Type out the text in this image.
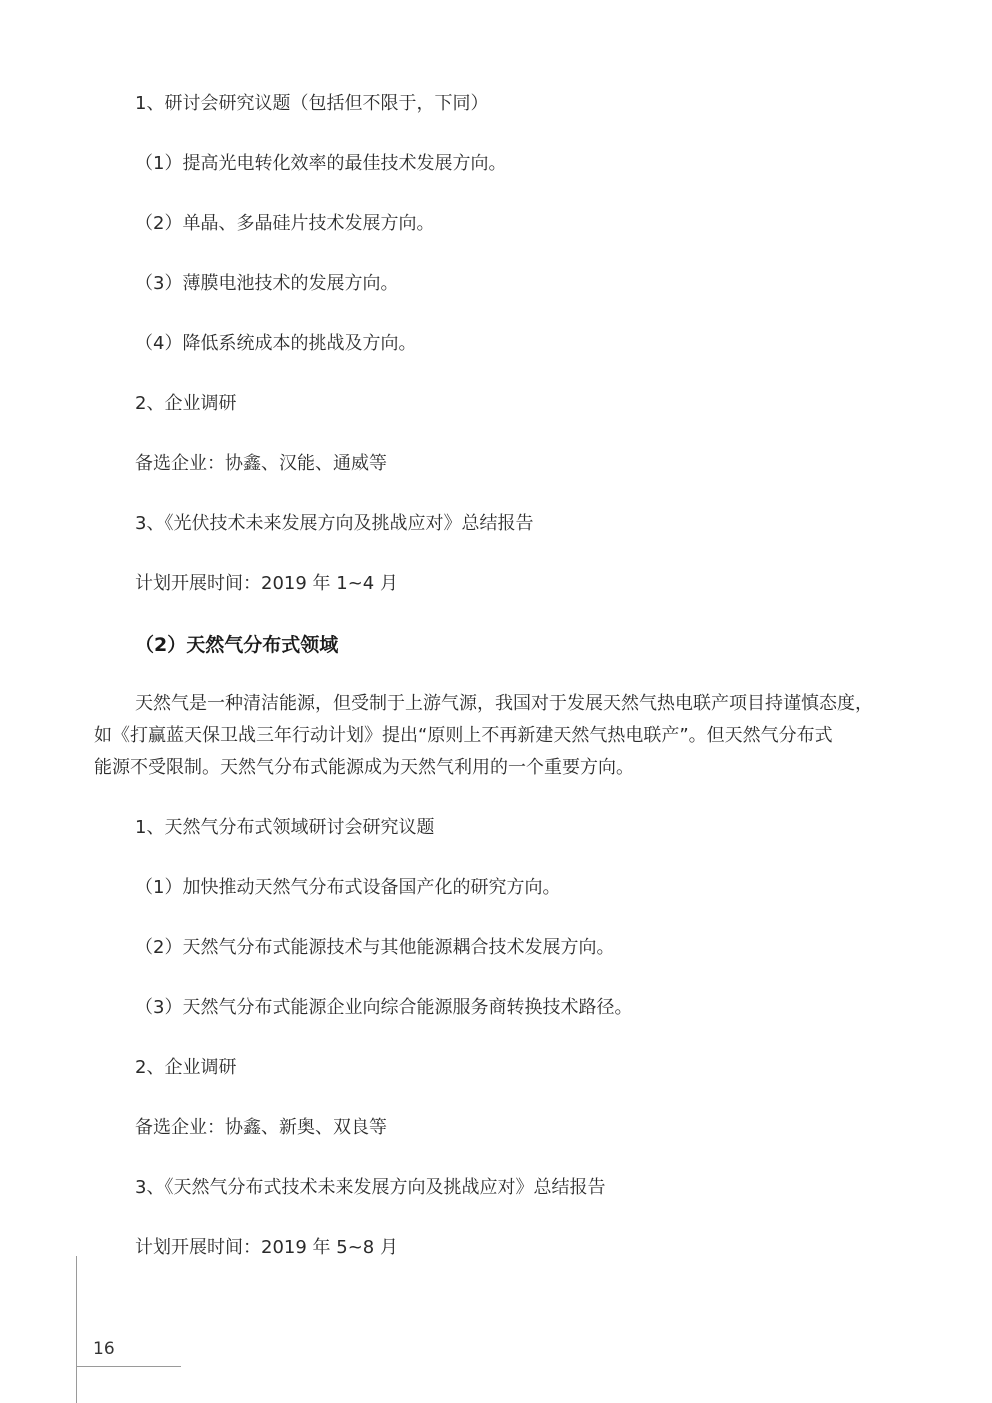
1、研讨会研究议题（包括但不限于，下同）
（1）提高光电转化效率的最佳技术发展方向。
（2）单晶、多晶硅片技术发展方向。
（3）薄膜电池技术的发展方向。
（4）降低系统成本的挑战及方向。
2、企业调研
备选企业：协鑫、汉能、通威等
3、《光伏技术未来发展方向及挑战应对》总结报告
计划开展时间：2019 年 1~4 月
（2）天然气分布式领域
天然气是一种清洁能源，但受制于上游气源，我国对于发展天然气热电联产项目持谨慎态度，
如《打赢蓝天保卫战三年行动计划》提出“原则上不再新建天然气热电联产”。但天然气分布式
能源不受限制。天然气分布式能源成为天然气利用的一个重要方向。
1、天然气分布式领域研讨会研究议题
（1）加快推动天然气分布式设备国产化的研究方向。
（2）天然气分布式能源技术与其他能源耦合技术发展方向。
（3）天然气分布式能源企业向综合能源服务商转换技术路径。
2、企业调研
备选企业：协鑫、新奥、双良等
3、《天然气分布式技术未来发展方向及挑战应对》总结报告
计划开展时间：2019 年 5~8 月
16
